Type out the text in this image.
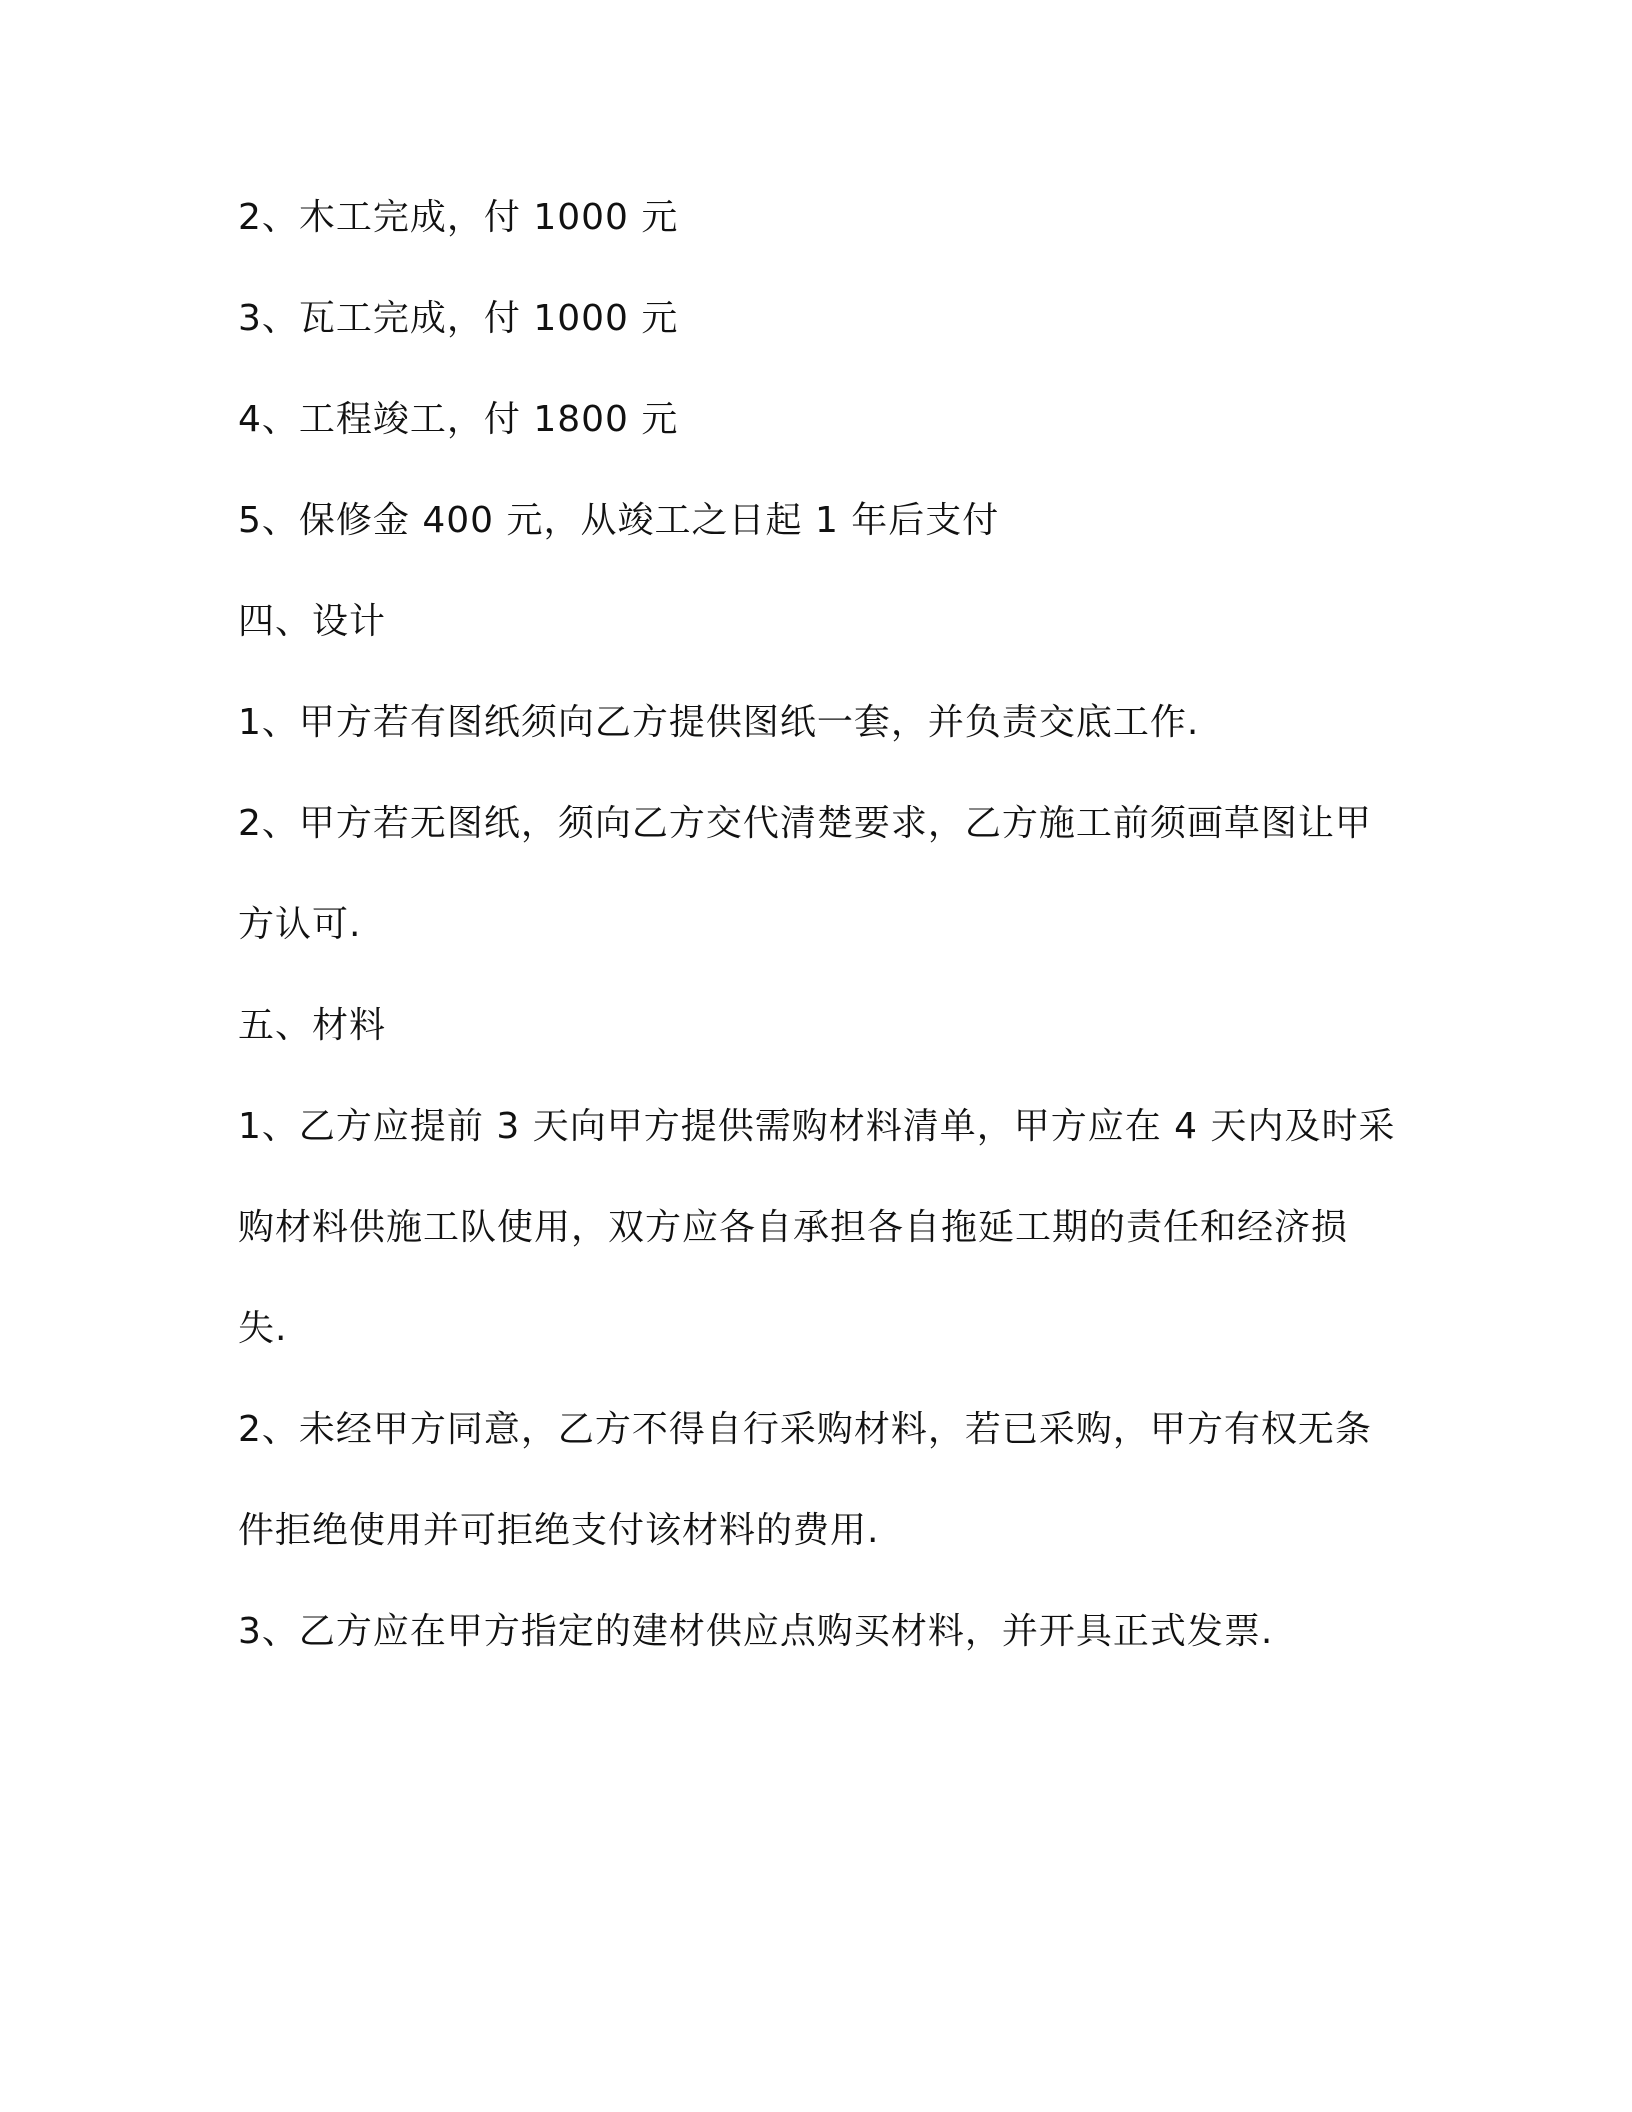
2、木工完成，付 1000 元
3、瓦工完成，付 1000 元
4、工程竣工，付 1800 元
5、保修金 400 元，从竣工之日起 1 年后支付
四、设计
1、甲方若有图纸须向乙方提供图纸一套，并负责交底工作.
2、甲方若无图纸，须向乙方交代清楚要求，乙方施工前须画草图让甲
方认可.
五、材料
1、乙方应提前 3 天向甲方提供需购材料清单，甲方应在 4 天内及时采
购材料供施工队使用，双方应各自承担各自拖延工期的责任和经济损
失.
2、未经甲方同意，乙方不得自行采购材料，若已采购，甲方有权无条
件拒绝使用并可拒绝支付该材料的费用.
3、乙方应在甲方指定的建材供应点购买材料，并开具正式发票.
